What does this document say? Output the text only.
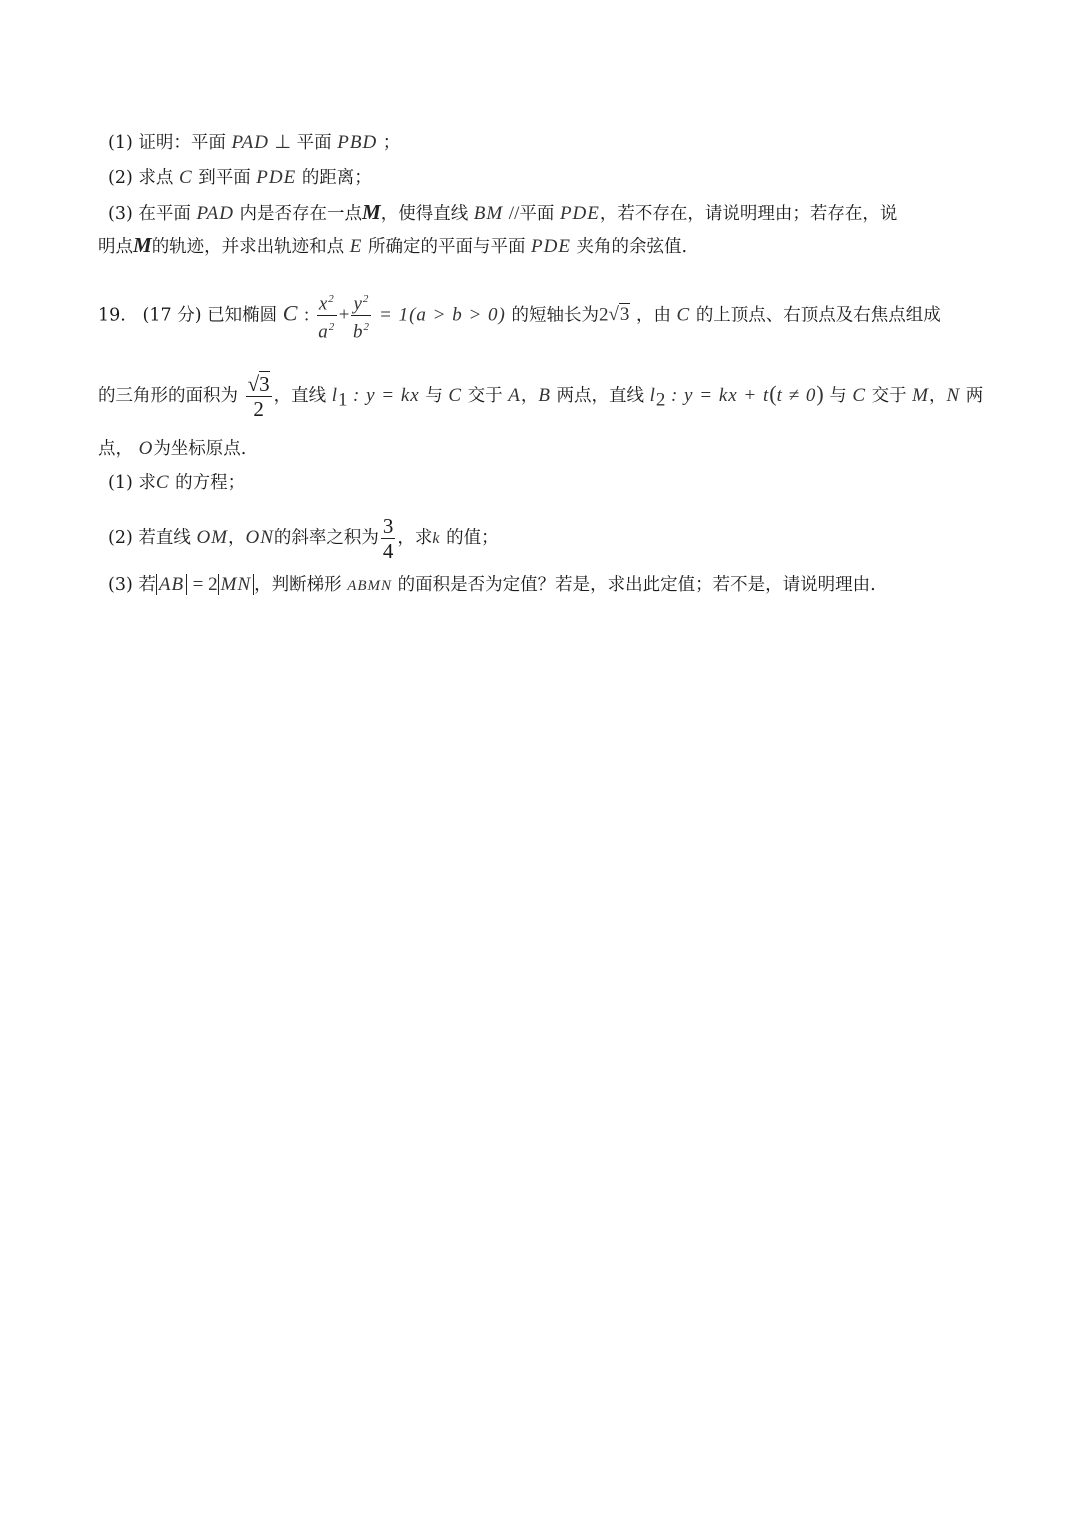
(1) 证明：平面 PAD ⊥ 平面 PBD ；
(2) 求点 C 到平面 PDE 的距离；
(3) 在平面 PAD 内是否存在一点M，使得直线 BM //平面 PDE，若不存在，请说明理由；若存在，说
明点M的轨迹，并求出轨迹和点 E 所确定的平面与平面 PDE 夹角的余弦值.
19. (17 分) 已知椭圆 C : $\frac{x^2}{a^2} + \frac{y^2}{b^2} = 1(a > b > 0)$ 的短轴长为2√3 ，由 C 的上顶点、右顶点及右焦点组成
的三角形的面积为 $\frac{√3}{2}$ ，直线 $l_1$ : y = kx 与 C 交于 A，B 两点，直线 $l_2$ : y = kx + t(t ≠ 0) 与 C 交于 M，N 两
点， O为坐标原点.
(1) 求C 的方程；
(2) 若直线 OM，ON的斜率之积为 $\frac{3}{4}$ ，求k 的值；
(3) 若 AB = 2 MN ，判断梯形 ABMN 的面积是否为定值？若是，求出此定值；若不是，请说明理由.
